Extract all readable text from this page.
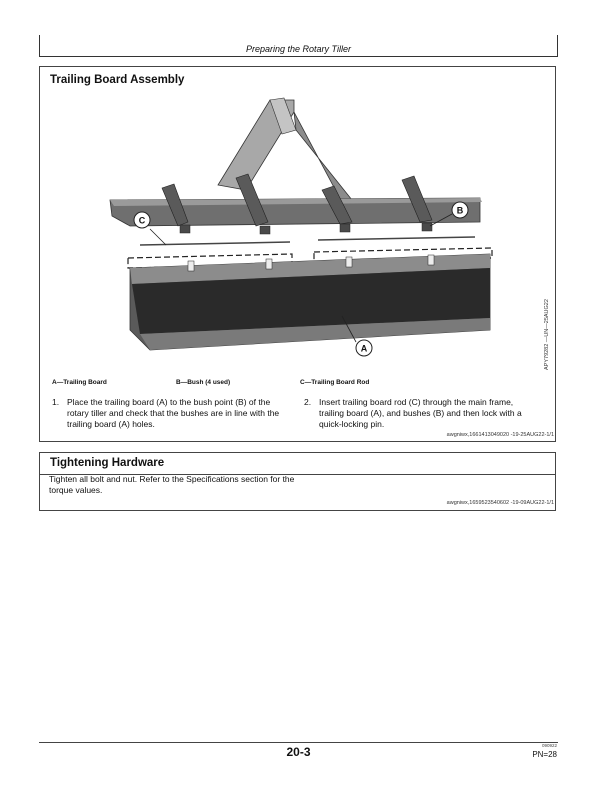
Preparing the Rotary Tiller
Trailing Board Assembly
C
B
A	APY79282 —UN—25AUG22
A—Trailing Board	B—Bush (4 used)	C—Trailing Board Rod
1. Place the trailing board (A) to the bush point (B) of the rotary tiller and check that the bushes are in line with the trailing board (A) holes.
2. Insert trailing board rod (C) through the main frame, trailing board (A), and bushes (B) and then lock with a quick-locking pin.
awgniwx,1661413049020 -19-25AUG22-1/1
Tightening Hardware
Tighten all bolt and nut. Refer to the Specifications section for the torque values.
awgniwx,1659523540602 -19-09AUG22-1/1
20-3	090922
PN=28
